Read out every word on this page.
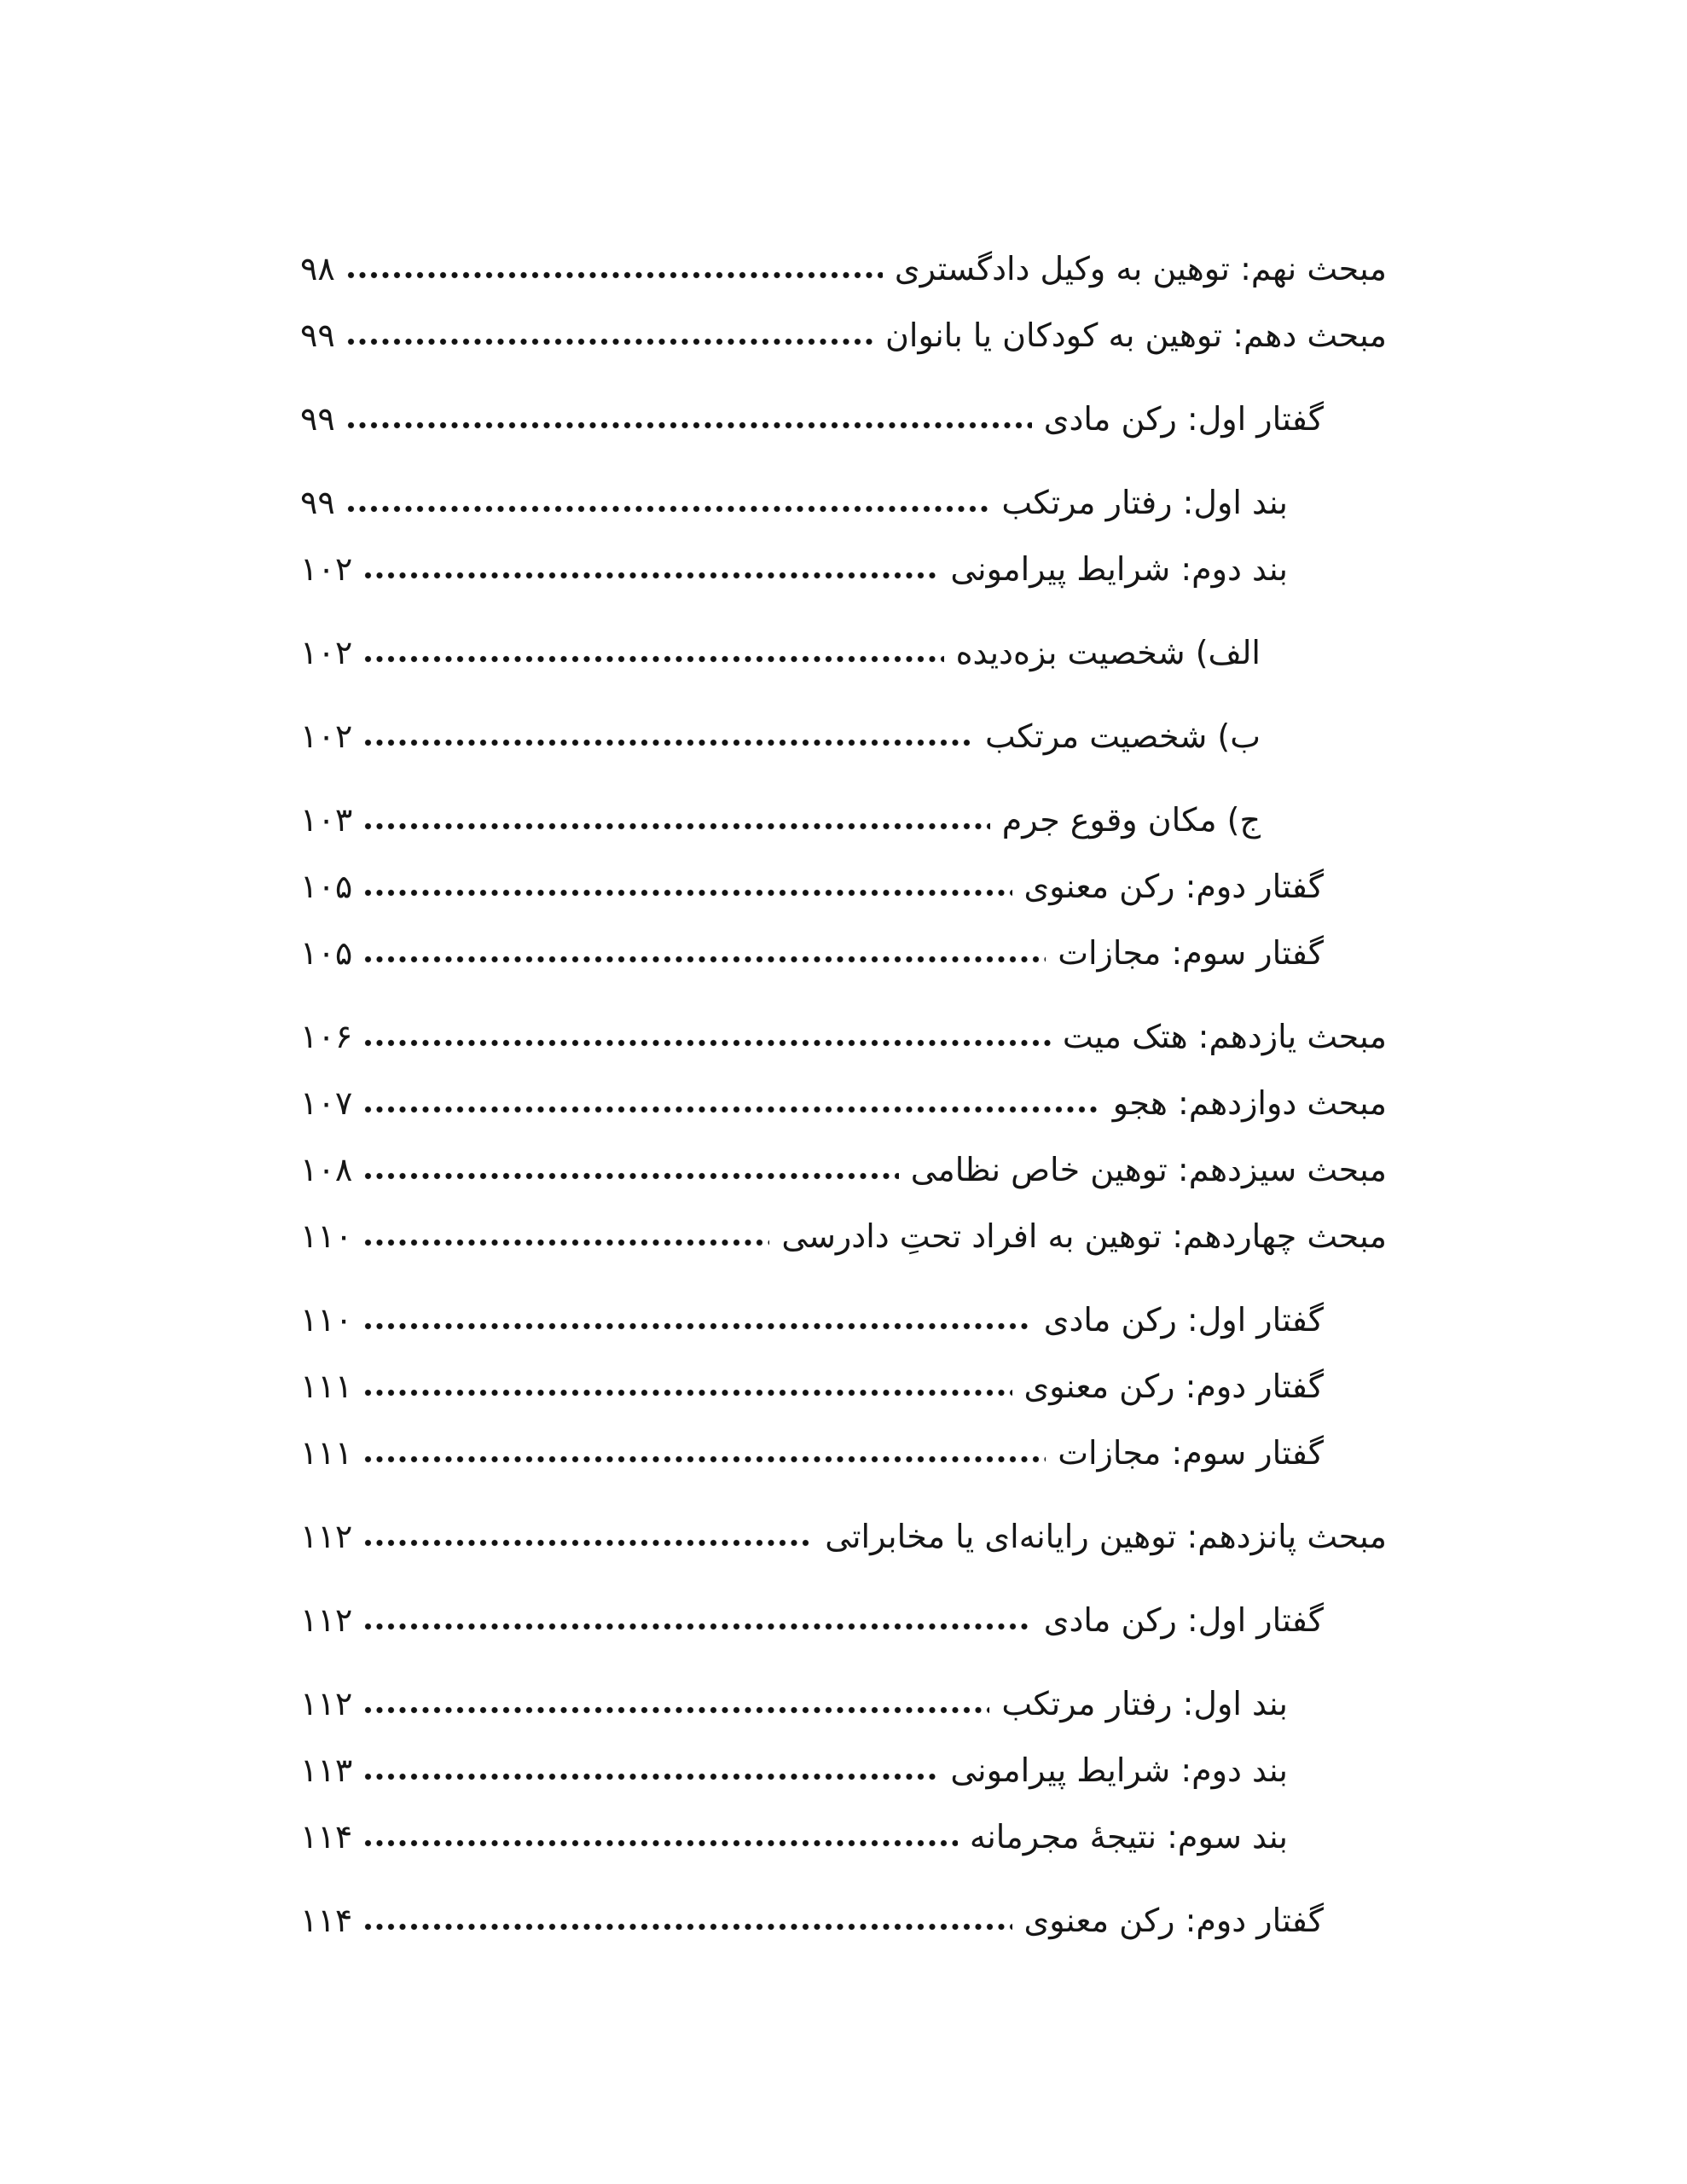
مبحث نهم: توهین به وکیل دادگستری
۹۸
مبحث دهم: توهین به کودکان یا بانوان
۹۹
گفتار اول: رکن مادی
۹۹
بند اول: رفتار مرتکب
۹۹
بند دوم: شرایط پیرامونی
۱۰۲
الف) شخصیت بزه‌دیده
۱۰۲
ب) شخصیت مرتکب
۱۰۲
ج) مکان وقوع جرم
۱۰۳
گفتار دوم: رکن معنوی
۱۰۵
گفتار سوم: مجازات
۱۰۵
مبحث یازدهم: هتک میت
۱۰۶
مبحث دوازدهم: هجو
۱۰۷
مبحث سیزدهم: توهین خاص نظامی
۱۰۸
مبحث چهاردهم: توهین به افراد تحتِ دادرسی
۱۱۰
گفتار اول: رکن مادی
۱۱۰
گفتار دوم: رکن معنوی
۱۱۱
گفتار سوم: مجازات
۱۱۱
مبحث پانزدهم: توهین رایانه‌ای یا مخابراتی
۱۱۲
گفتار اول: رکن مادی
۱۱۲
بند اول: رفتار مرتکب
۱۱۲
بند دوم: شرایط پیرامونی
۱۱۳
بند سوم: نتیجهٔ مجرمانه
۱۱۴
گفتار دوم: رکن معنوی
۱۱۴
